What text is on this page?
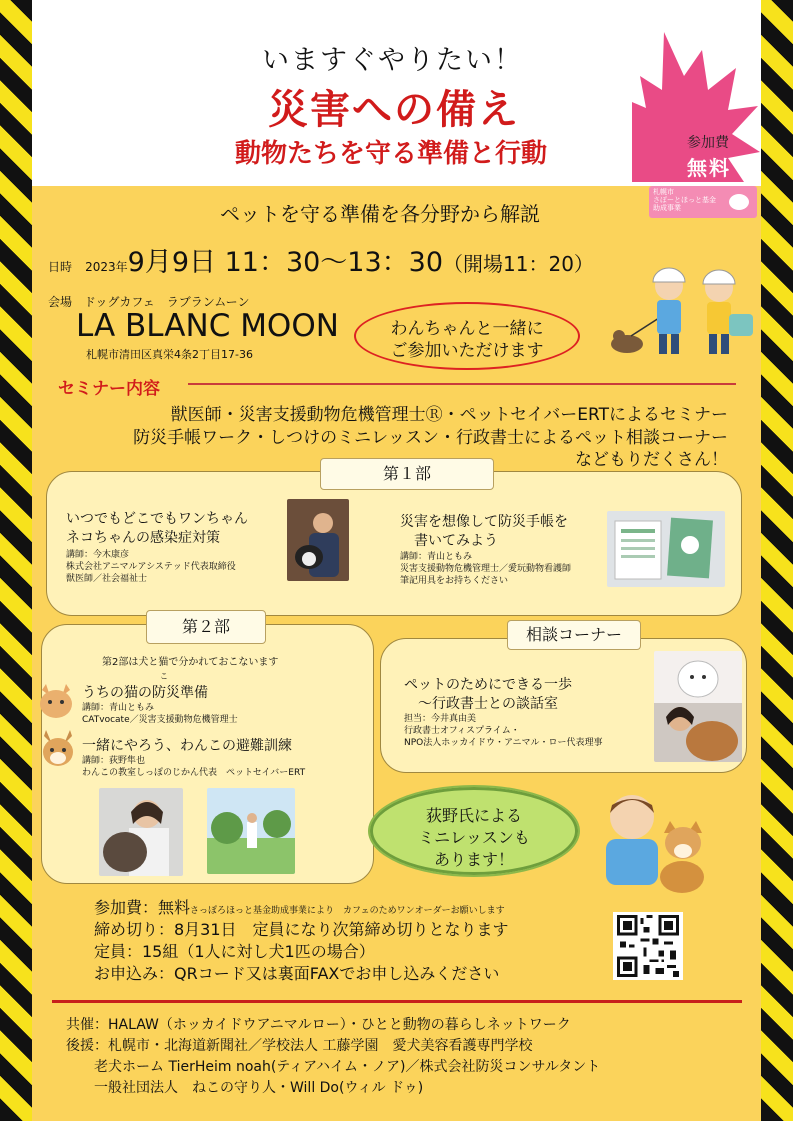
いますぐやりたい！
災害への備え
動物たちを守る準備と行動	参加費
無料
札幌市
さぽーとほっと基金
助成事業
ペットを守る準備を各分野から解説
日時 2023年9月9日 11：30～13：30（開場11：20）
会場 ドッグカフェ　ラブランムーン
LA BLANC MOON
札幌市清田区真栄4条2丁目17-36
わんちゃんと一緒に
ご参加いただけます
セミナー内容
獣医師・災害支援動物危機管理士Ⓡ・ペットセイバーERTによるセミナー
防災手帳ワーク・しつけのミニレッスン・行政書士によるペット相談コーナー
などもりだくさん！
第１部
いつでもどこでもワンちゃん
ネコちゃんの感染症対策
講師：今木康彦
株式会社アニマルアシステッド代表取締役
獣医師／社会福祉士
災害を想像して防災手帳を
　書いてみよう
講師：青山ともみ
災害支援動物危機管理士／愛玩動物看護師
筆記用具をお持ちください
第２部
第2部は犬と猫で分かれておこないます
こ
うちの猫の防災準備
講師：青山ともみ
CATvocate／災害支援動物危機管理士
一緒にやろう、わんこの避難訓練
講師：荻野隼也
わんこの教室しっぽのじかん代表　ペットセイバーERT
相談コーナー
ペットのためにできる一歩
　～行政書士との談話室
担当：今井真由美
行政書士オフィスプライム・
NPO法人ホッカイドウ・アニマル・ロー代表理事
荻野氏による
ミニレッスンも
あります！
参加費：無料さっぽろほっと基金助成事業により　カフェのためワンオーダーお願いします
締め切り：8月31日　定員になり次第締め切りとなります
定員：15組（1人に対し犬1匹の場合）
お申込み：QRコード又は裏面FAXでお申し込みください
共催：HALAW（ホッカイドウアニマルロー）・ひとと動物の暮らしネットワーク
後援：札幌市・北海道新聞社／学校法人 工藤学園　愛犬美容看護専門学校
　　老犬ホーム TierHeim noah(ティアハイム・ノア)／株式会社防災コンサルタント
　　一般社団法人　ねこの守り人・Will Do(ウィル ドゥ)
